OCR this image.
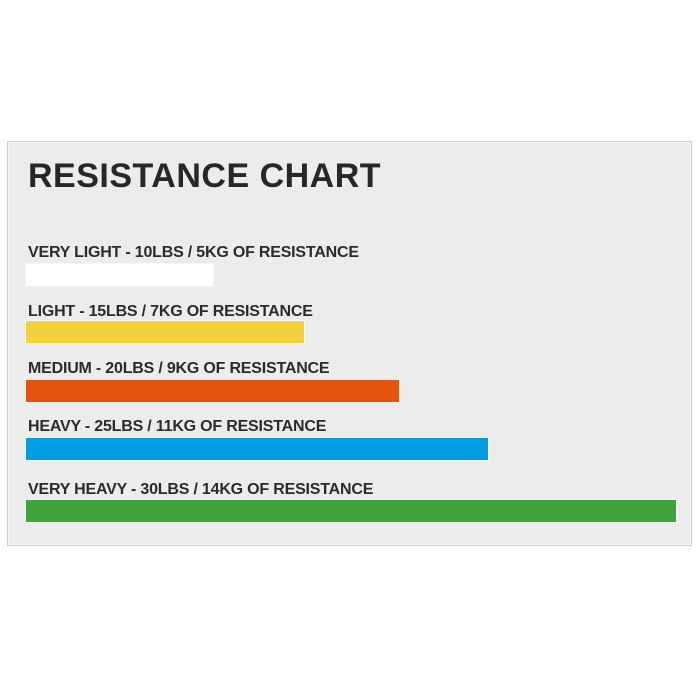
RESISTANCE CHART
VERY LIGHT - 10LBS / 5KG OF RESISTANCE
LIGHT - 15LBS / 7KG OF RESISTANCE
MEDIUM - 20LBS / 9KG OF RESISTANCE
HEAVY - 25LBS / 11KG OF RESISTANCE
VERY HEAVY - 30LBS / 14KG OF RESISTANCE
